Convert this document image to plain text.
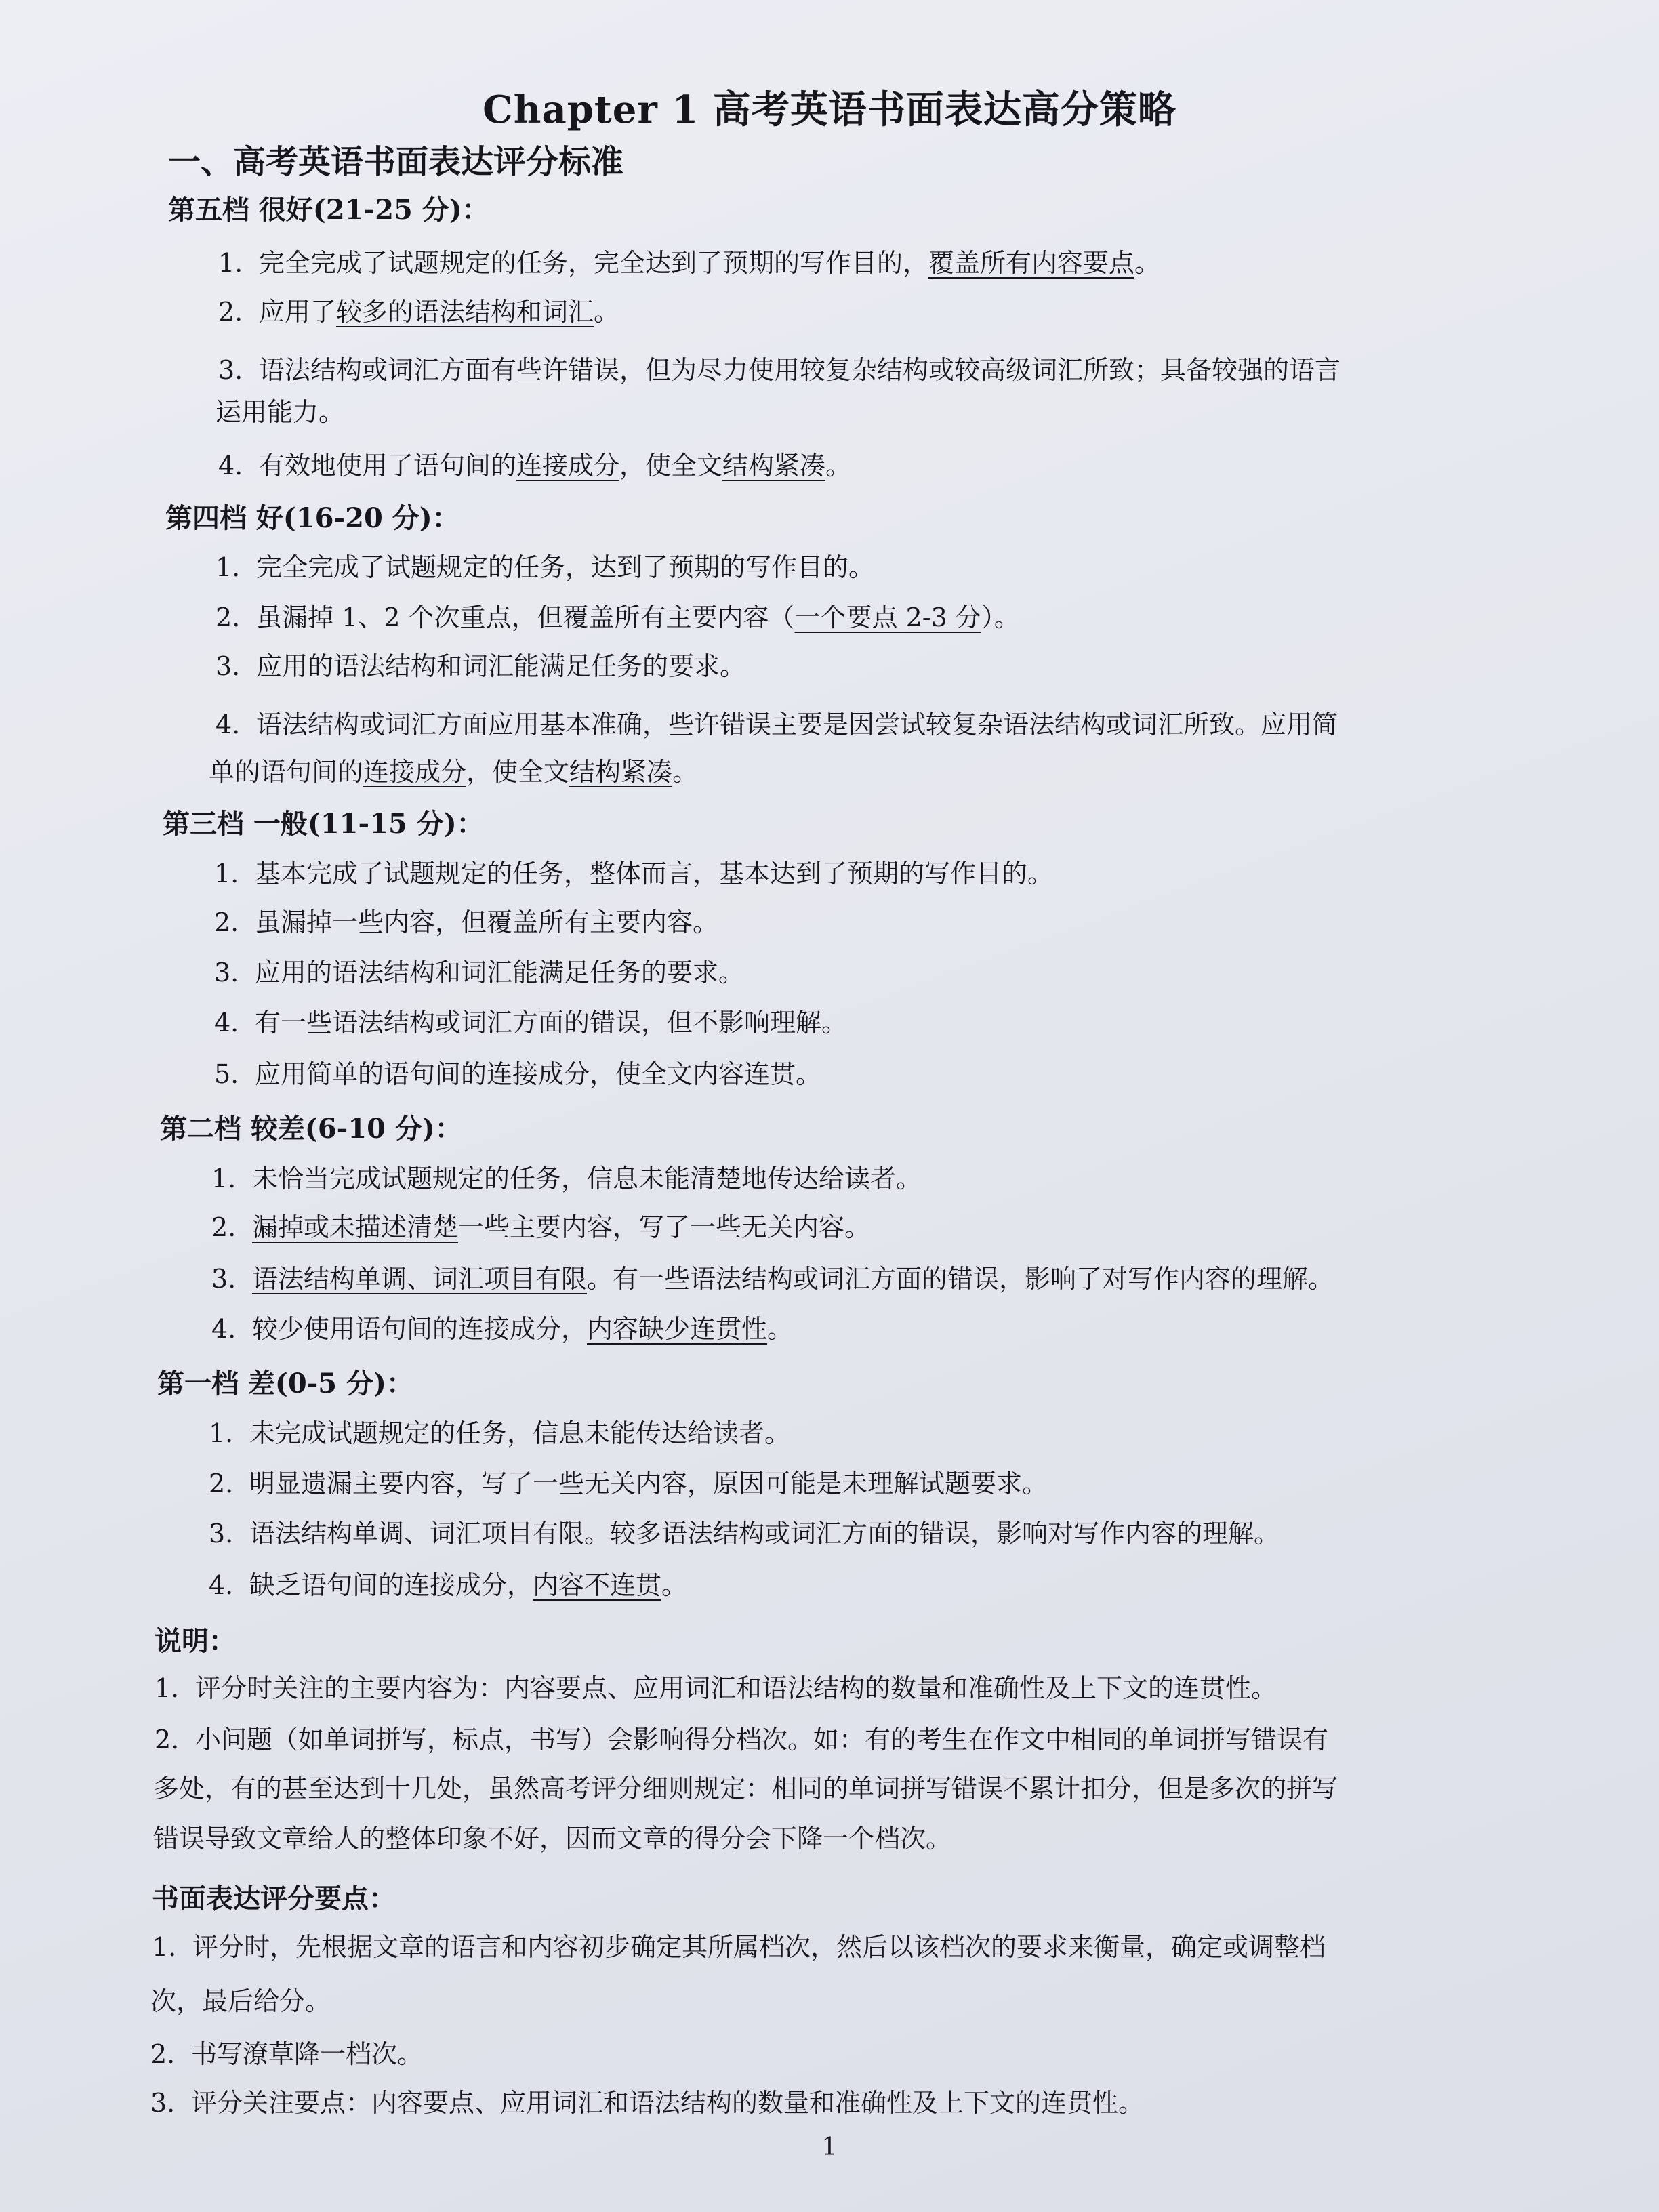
Chapter 1 高考英语书面表达高分策略
一、高考英语书面表达评分标准
第五档 很好(21-25 分)：
1. 完全完成了试题规定的任务，完全达到了预期的写作目的，覆盖所有内容要点。
2. 应用了较多的语法结构和词汇。
3. 语法结构或词汇方面有些许错误，但为尽力使用较复杂结构或较高级词汇所致；具备较强的语言
运用能力。
4. 有效地使用了语句间的连接成分，使全文结构紧凑。
第四档 好(16-20 分)：
1. 完全完成了试题规定的任务，达到了预期的写作目的。
2. 虽漏掉 1、2 个次重点，但覆盖所有主要内容（一个要点 2-3 分）。
3. 应用的语法结构和词汇能满足任务的要求。
4. 语法结构或词汇方面应用基本准确，些许错误主要是因尝试较复杂语法结构或词汇所致。应用简
单的语句间的连接成分，使全文结构紧凑。
第三档 一般(11-15 分)：
1. 基本完成了试题规定的任务，整体而言，基本达到了预期的写作目的。
2. 虽漏掉一些内容，但覆盖所有主要内容。
3. 应用的语法结构和词汇能满足任务的要求。
4. 有一些语法结构或词汇方面的错误，但不影响理解。
5. 应用简单的语句间的连接成分，使全文内容连贯。
第二档 较差(6-10 分)：
1. 未恰当完成试题规定的任务，信息未能清楚地传达给读者。
2. 漏掉或未描述清楚一些主要内容，写了一些无关内容。
3. 语法结构单调、词汇项目有限。有一些语法结构或词汇方面的错误，影响了对写作内容的理解。
4. 较少使用语句间的连接成分，内容缺少连贯性。
第一档 差(0-5 分)：
1. 未完成试题规定的任务，信息未能传达给读者。
2. 明显遗漏主要内容，写了一些无关内容，原因可能是未理解试题要求。
3. 语法结构单调、词汇项目有限。较多语法结构或词汇方面的错误，影响对写作内容的理解。
4. 缺乏语句间的连接成分，内容不连贯。
说明：
1. 评分时关注的主要内容为：内容要点、应用词汇和语法结构的数量和准确性及上下文的连贯性。
2. 小问题（如单词拼写，标点，书写）会影响得分档次。如：有的考生在作文中相同的单词拼写错误有
多处，有的甚至达到十几处，虽然高考评分细则规定：相同的单词拼写错误不累计扣分，但是多次的拼写
错误导致文章给人的整体印象不好，因而文章的得分会下降一个档次。
书面表达评分要点：
1. 评分时，先根据文章的语言和内容初步确定其所属档次，然后以该档次的要求来衡量，确定或调整档
次，最后给分。
2. 书写潦草降一档次。
3. 评分关注要点：内容要点、应用词汇和语法结构的数量和准确性及上下文的连贯性。
1
